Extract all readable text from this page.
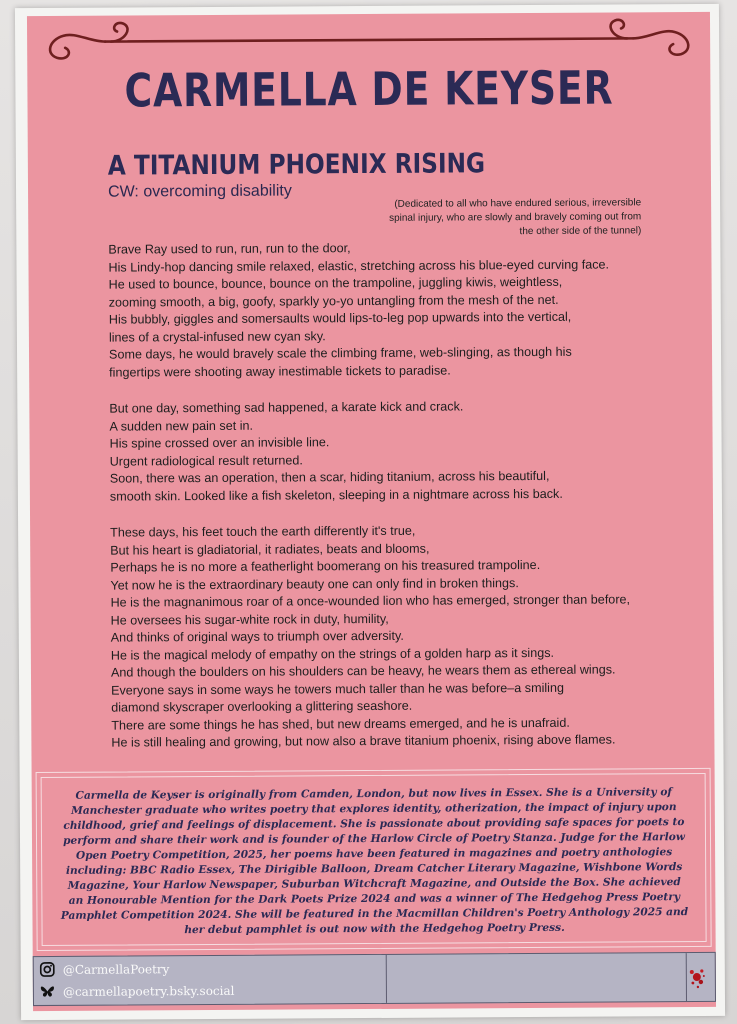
CARMELLA DE KEYSER
A TITANIUM PHOENIX RISING
CW: overcoming disability
(Dedicated to all who have endured serious, irreversible
spinal injury, who are slowly and bravely coming out from
the other side of the tunnel)
Brave Ray used to run, run, run to the door,
His Lindy-hop dancing smile relaxed, elastic, stretching across his blue-eyed curving face.
He used to bounce, bounce, bounce on the trampoline, juggling kiwis, weightless,
zooming smooth, a big, goofy, sparkly yo-yo untangling from the mesh of the net.
His bubbly, giggles and somersaults would lips-to-leg pop upwards into the vertical,
lines of a crystal-infused new cyan sky.
Some days, he would bravely scale the climbing frame, web-slinging, as though his
fingertips were shooting away inestimable tickets to paradise.
But one day, something sad happened, a karate kick and crack.
A sudden new pain set in.
His spine crossed over an invisible line.
Urgent radiological result returned.
Soon, there was an operation, then a scar, hiding titanium, across his beautiful,
smooth skin. Looked like a fish skeleton, sleeping in a nightmare across his back.
These days, his feet touch the earth differently it's true,
But his heart is gladiatorial, it radiates, beats and blooms,
Perhaps he is no more a featherlight boomerang on his treasured trampoline.
Yet now he is the extraordinary beauty one can only find in broken things.
He is the magnanimous roar of a once-wounded lion who has emerged, stronger than before,
He oversees his sugar-white rock in duty, humility,
And thinks of original ways to triumph over adversity.
He is the magical melody of empathy on the strings of a golden harp as it sings.
And though the boulders on his shoulders can be heavy, he wears them as ethereal wings.
Everyone says in some ways he towers much taller than he was before–a smiling
diamond skyscraper overlooking a glittering seashore.
There are some things he has shed, but new dreams emerged, and he is unafraid.
He is still healing and growing, but now also a brave titanium phoenix, rising above flames.
Carmella de Keyser is originally from Camden, London, but now lives in Essex. She is a University of Manchester graduate who writes poetry that explores identity, otherization, the impact of injury upon childhood, grief and feelings of displacement. She is passionate about providing safe spaces for poets to perform and share their work and is founder of the Harlow Circle of Poetry Stanza. Judge for the Harlow Open Poetry Competition, 2025, her poems have been featured in magazines and poetry anthologies including: BBC Radio Essex, The Dirigible Balloon, Dream Catcher Literary Magazine, Wishbone Words Magazine, Your Harlow Newspaper, Suburban Witchcraft Magazine, and Outside the Box. She achieved an Honourable Mention for the Dark Poets Prize 2024 and was a winner of The Hedgehog Press Poetry Pamphlet Competition 2024. She will be featured in the Macmillan Children's Poetry Anthology 2025 and her debut pamphlet is out now with the Hedgehog Poetry Press.
@CarmellaPoetry
@carmellapoetry.bsky.social
